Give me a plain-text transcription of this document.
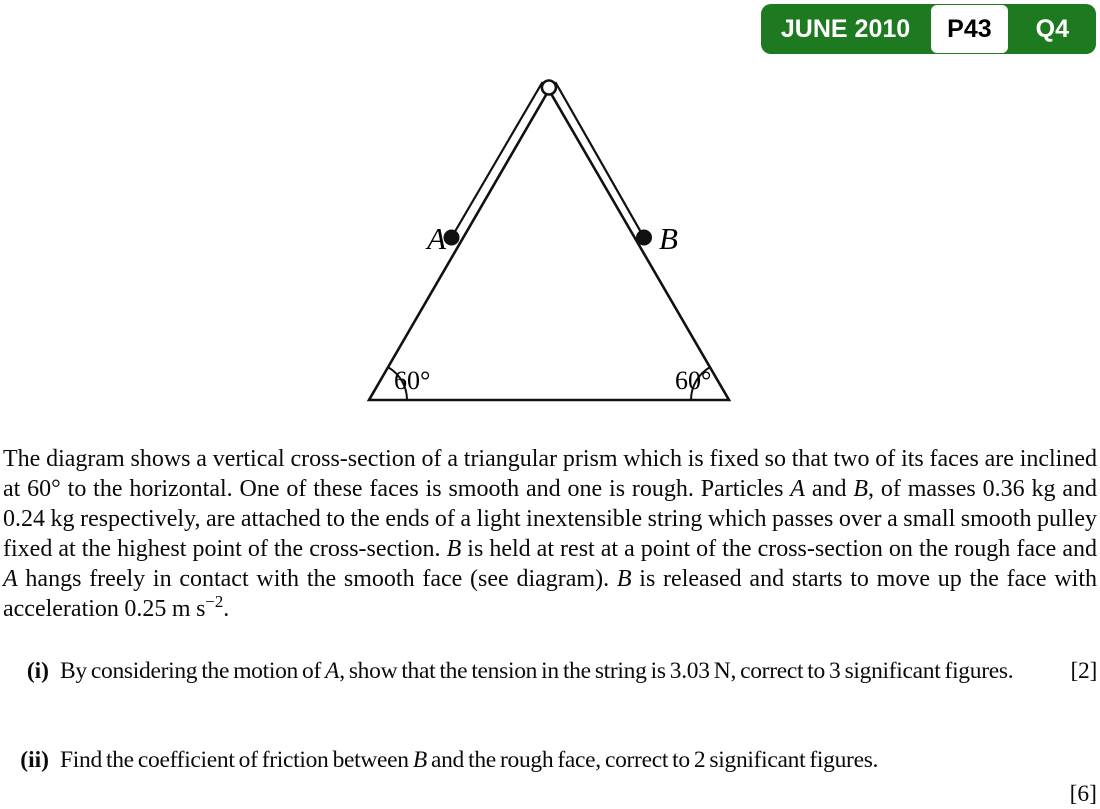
JUNE 2010	P43	Q4
A	B
60°	60°
The diagram shows a vertical cross-section of a triangular prism which is fixed so that two of its faces are inclined at 60° to the horizontal. One of these faces is smooth and one is rough. Particles A and B, of masses 0.36 kg and 0.24 kg respectively, are attached to the ends of a light inextensible string which passes over a small smooth pulley fixed at the highest point of the cross-section. B is held at rest at a point of the cross-section on the rough face and A hangs freely in contact with the smooth face (see diagram). B is released and starts to move up the face with acceleration 0.25 m $s^{-2}$.
(i)	[2]
By considering the motion of A, show that the tension in the string is 3.03 N, correct to 3 significant figures.
(ii) Find the coefficient of friction between B and the rough face, correct to 2 significant figures.
[6]
